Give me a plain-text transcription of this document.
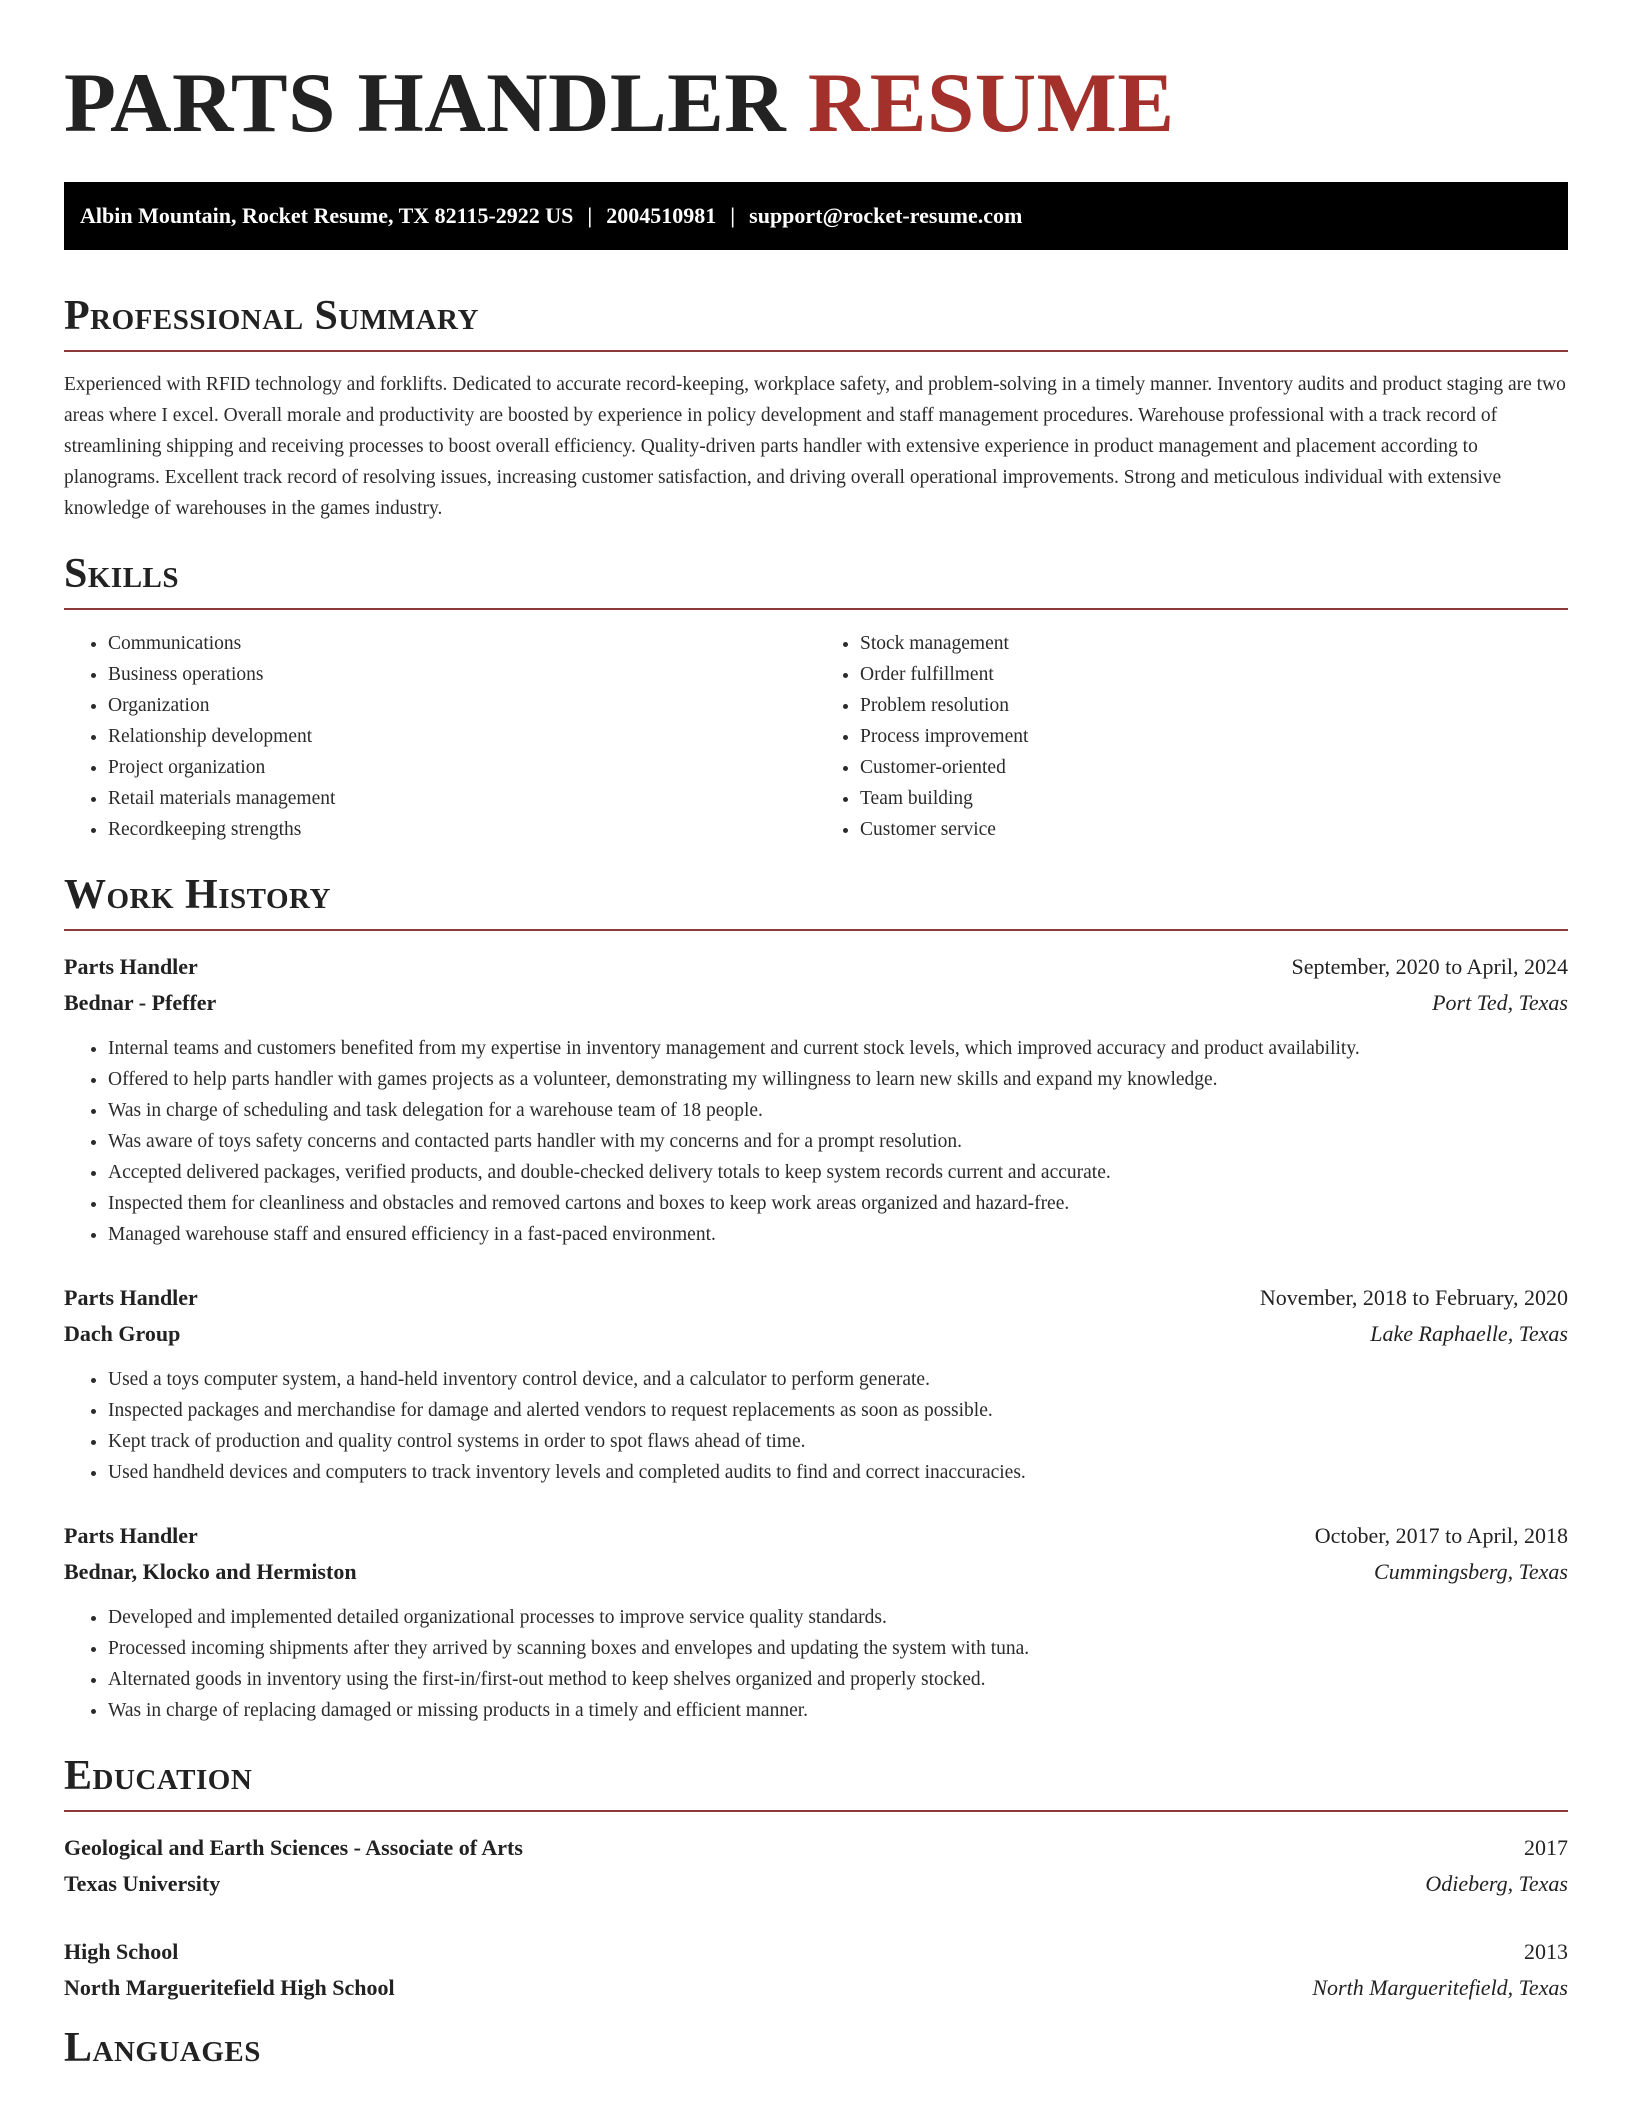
PARTS HANDLER RESUME
Albin Mountain, Rocket Resume, TX 82115-2922 US | 2004510981 | support@rocket-resume.com
Professional Summary

Experienced with RFID technology and forklifts. Dedicated to accurate record-keeping, workplace safety, and problem-solving in a timely manner. Inventory audits and product staging are two areas where I excel. Overall morale and productivity are boosted by experience in policy development and staff management procedures. Warehouse professional with a track record of streamlining shipping and receiving processes to boost overall efficiency. Quality-driven parts handler with extensive experience in product management and placement according to planograms. Excellent track record of resolving issues, increasing customer satisfaction, and driving overall operational improvements. Strong and meticulous individual with extensive knowledge of warehouses in the games industry.

Skills
• Communications
• Business operations
• Organization
• Relationship development
• Project organization
• Retail materials management
• Recordkeeping strengths
• Stock management
• Order fulfillment
• Problem resolution
• Process improvement
• Customer-oriented
• Team building
• Customer service
Work History
Parts Handler	September, 2020 to April, 2024
Bednar - Pfeffer	Port Ted, Texas
• Internal teams and customers benefited from my expertise in inventory management and current stock levels, which improved accuracy and product availability.
• Offered to help parts handler with games projects as a volunteer, demonstrating my willingness to learn new skills and expand my knowledge.
• Was in charge of scheduling and task delegation for a warehouse team of 18 people.
• Was aware of toys safety concerns and contacted parts handler with my concerns and for a prompt resolution.
• Accepted delivered packages, verified products, and double-checked delivery totals to keep system records current and accurate.
• Inspected them for cleanliness and obstacles and removed cartons and boxes to keep work areas organized and hazard-free.
• Managed warehouse staff and ensured efficiency in a fast-paced environment.
Parts Handler	November, 2018 to February, 2020
Dach Group	Lake Raphaelle, Texas
• Used a toys computer system, a hand-held inventory control device, and a calculator to perform generate.
• Inspected packages and merchandise for damage and alerted vendors to request replacements as soon as possible.
• Kept track of production and quality control systems in order to spot flaws ahead of time.
• Used handheld devices and computers to track inventory levels and completed audits to find and correct inaccuracies.
Parts Handler	October, 2017 to April, 2018
Bednar, Klocko and Hermiston	Cummingsberg, Texas
• Developed and implemented detailed organizational processes to improve service quality standards.
• Processed incoming shipments after they arrived by scanning boxes and envelopes and updating the system with tuna.
• Alternated goods in inventory using the first-in/first-out method to keep shelves organized and properly stocked.
• Was in charge of replacing damaged or missing products in a timely and efficient manner.
Education
Geological and Earth Sciences - Associate of Arts	2017
Texas University	Odieberg, Texas
High School	2013
North Margueritefield High School	North Margueritefield, Texas
Languages
